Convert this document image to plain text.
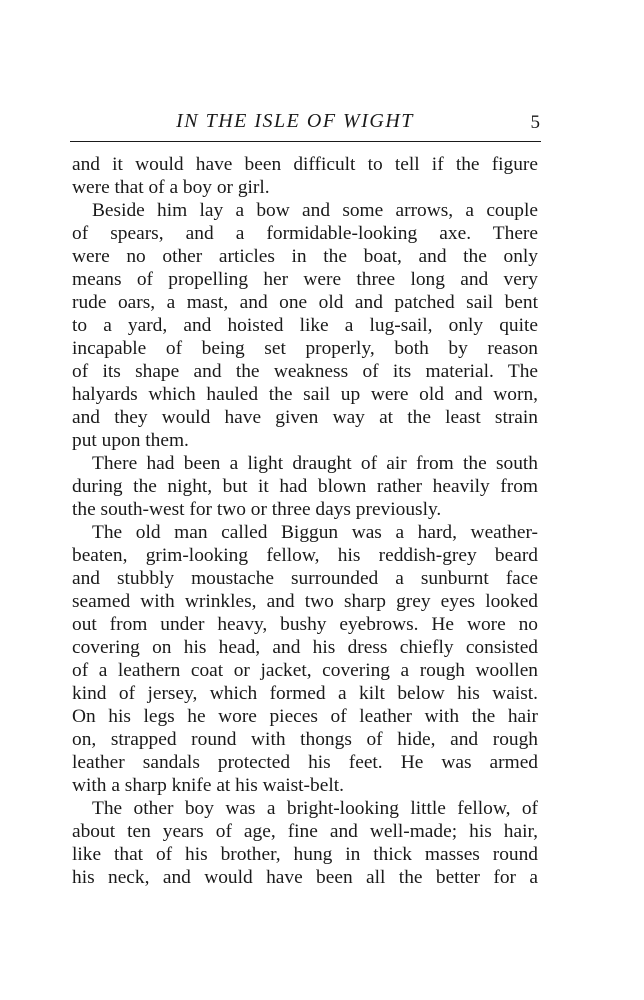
IN THE ISLE OF WIGHT	5
and it would have been difficult to tell if the figure
were that of a boy or girl.
Beside him lay a bow and some arrows, a couple
of spears, and a formidable-looking axe. There
were no other articles in the boat, and the only
means of propelling her were three long and very
rude oars, a mast, and one old and patched sail bent
to a yard, and hoisted like a lug-sail, only quite
incapable of being set properly, both by reason
of its shape and the weakness of its material. The
halyards which hauled the sail up were old and worn,
and they would have given way at the least strain
put upon them.
There had been a light draught of air from the south
during the night, but it had blown rather heavily from
the south-west for two or three days previously.
The old man called Biggun was a hard, weather-
beaten, grim-looking fellow, his reddish-grey beard
and stubbly moustache surrounded a sunburnt face
seamed with wrinkles, and two sharp grey eyes looked
out from under heavy, bushy eyebrows. He wore no
covering on his head, and his dress chiefly consisted
of a leathern coat or jacket, covering a rough woollen
kind of jersey, which formed a kilt below his waist.
On his legs he wore pieces of leather with the hair
on, strapped round with thongs of hide, and rough
leather sandals protected his feet. He was armed
with a sharp knife at his waist-belt.
The other boy was a bright-looking little fellow, of
about ten years of age, fine and well-made; his hair,
like that of his brother, hung in thick masses round
his neck, and would have been all the better for a
